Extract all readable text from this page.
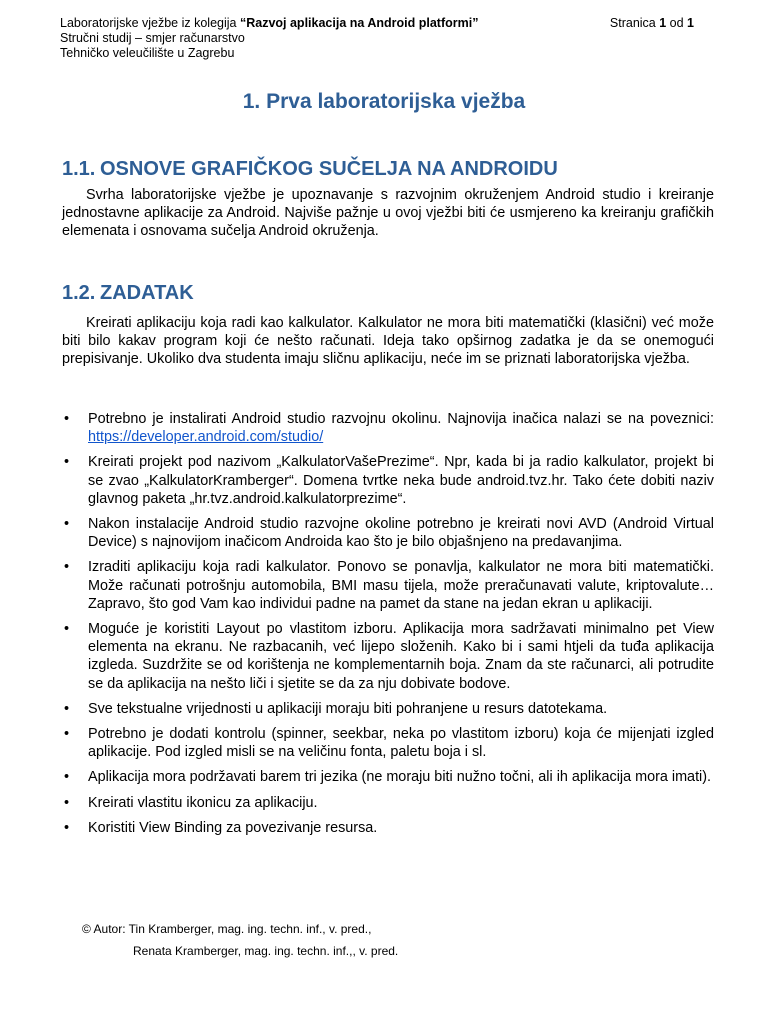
Laboratorijske vježbe iz kolegija “Razvoj aplikacija na Android platformi”
Stručni studij – smjer računarstvo
Tehničko veleučilište u Zagrebu
Stranica 1 od 1
1. Prva laboratorijska vježba
1.1. OSNOVE GRAFIČKOG SUČELJA NA ANDROIDU
Svrha laboratorijske vježbe je upoznavanje s razvojnim okruženjem Android studio i kreiranje jednostavne aplikacije za Android. Najviše pažnje u ovoj vježbi biti će usmjereno ka kreiranju grafičkih elemenata i osnovama sučelja Android okruženja.
1.2. ZADATAK
Kreirati aplikaciju koja radi kao kalkulator. Kalkulator ne mora biti matematički (klasični) već može biti bilo kakav program koji će nešto računati. Ideja tako opširnog zadatka je da se onemogući prepisivanje. Ukoliko dva studenta imaju sličnu aplikaciju, neće im se priznati laboratorijska vježba.
• Potrebno je instalirati Android studio razvojnu okolinu. Najnovija inačica nalazi se na poveznici: https://developer.android.com/studio/
• Kreirati projekt pod nazivom „KalkulatorVašePrezime“. Npr, kada bi ja radio kalkulator, projekt bi se zvao „KalkulatorKramberger“. Domena tvrtke neka bude android.tvz.hr. Tako ćete dobiti naziv glavnog paketa „hr.tvz.android.kalkulatorprezime“.
• Nakon instalacije Android studio razvojne okoline potrebno je kreirati novi AVD (Android Virtual Device) s najnovijom inačicom Androida kao što je bilo objašnjeno na predavanjima.
• Izraditi aplikaciju koja radi kalkulator. Ponovo se ponavlja, kalkulator ne mora biti matematički. Može računati potrošnju automobila, BMI masu tijela, može preračunavati valute, kriptovalute… Zapravo, što god Vam kao individui padne na pamet da stane na jedan ekran u aplikaciji.
• Moguće je koristiti Layout po vlastitom izboru. Aplikacija mora sadržavati minimalno pet View elementa na ekranu. Ne razbacanih, već lijepo složenih. Kako bi i sami htjeli da tuđa aplikacija izgleda. Suzdržite se od korištenja ne komplementarnih boja. Znam da ste računarci, ali potrudite se da aplikacija na nešto liči i sjetite se da za nju dobivate bodove.
• Sve tekstualne vrijednosti u aplikaciji moraju biti pohranjene u resurs datotekama.
• Potrebno je dodati kontrolu (spinner, seekbar, neka po vlastitom izboru) koja će mijenjati izgled aplikacije. Pod izgled misli se na veličinu fonta, paletu boja i sl.
• Aplikacija mora podržavati barem tri jezika (ne moraju biti nužno točni, ali ih aplikacija mora imati).
• Kreirati vlastitu ikonicu za aplikaciju.
• Koristiti View Binding za povezivanje resursa.
© Autor: Tin Kramberger, mag. ing. techn. inf., v. pred.,
Renata Kramberger, mag. ing. techn. inf.,, v. pred.
